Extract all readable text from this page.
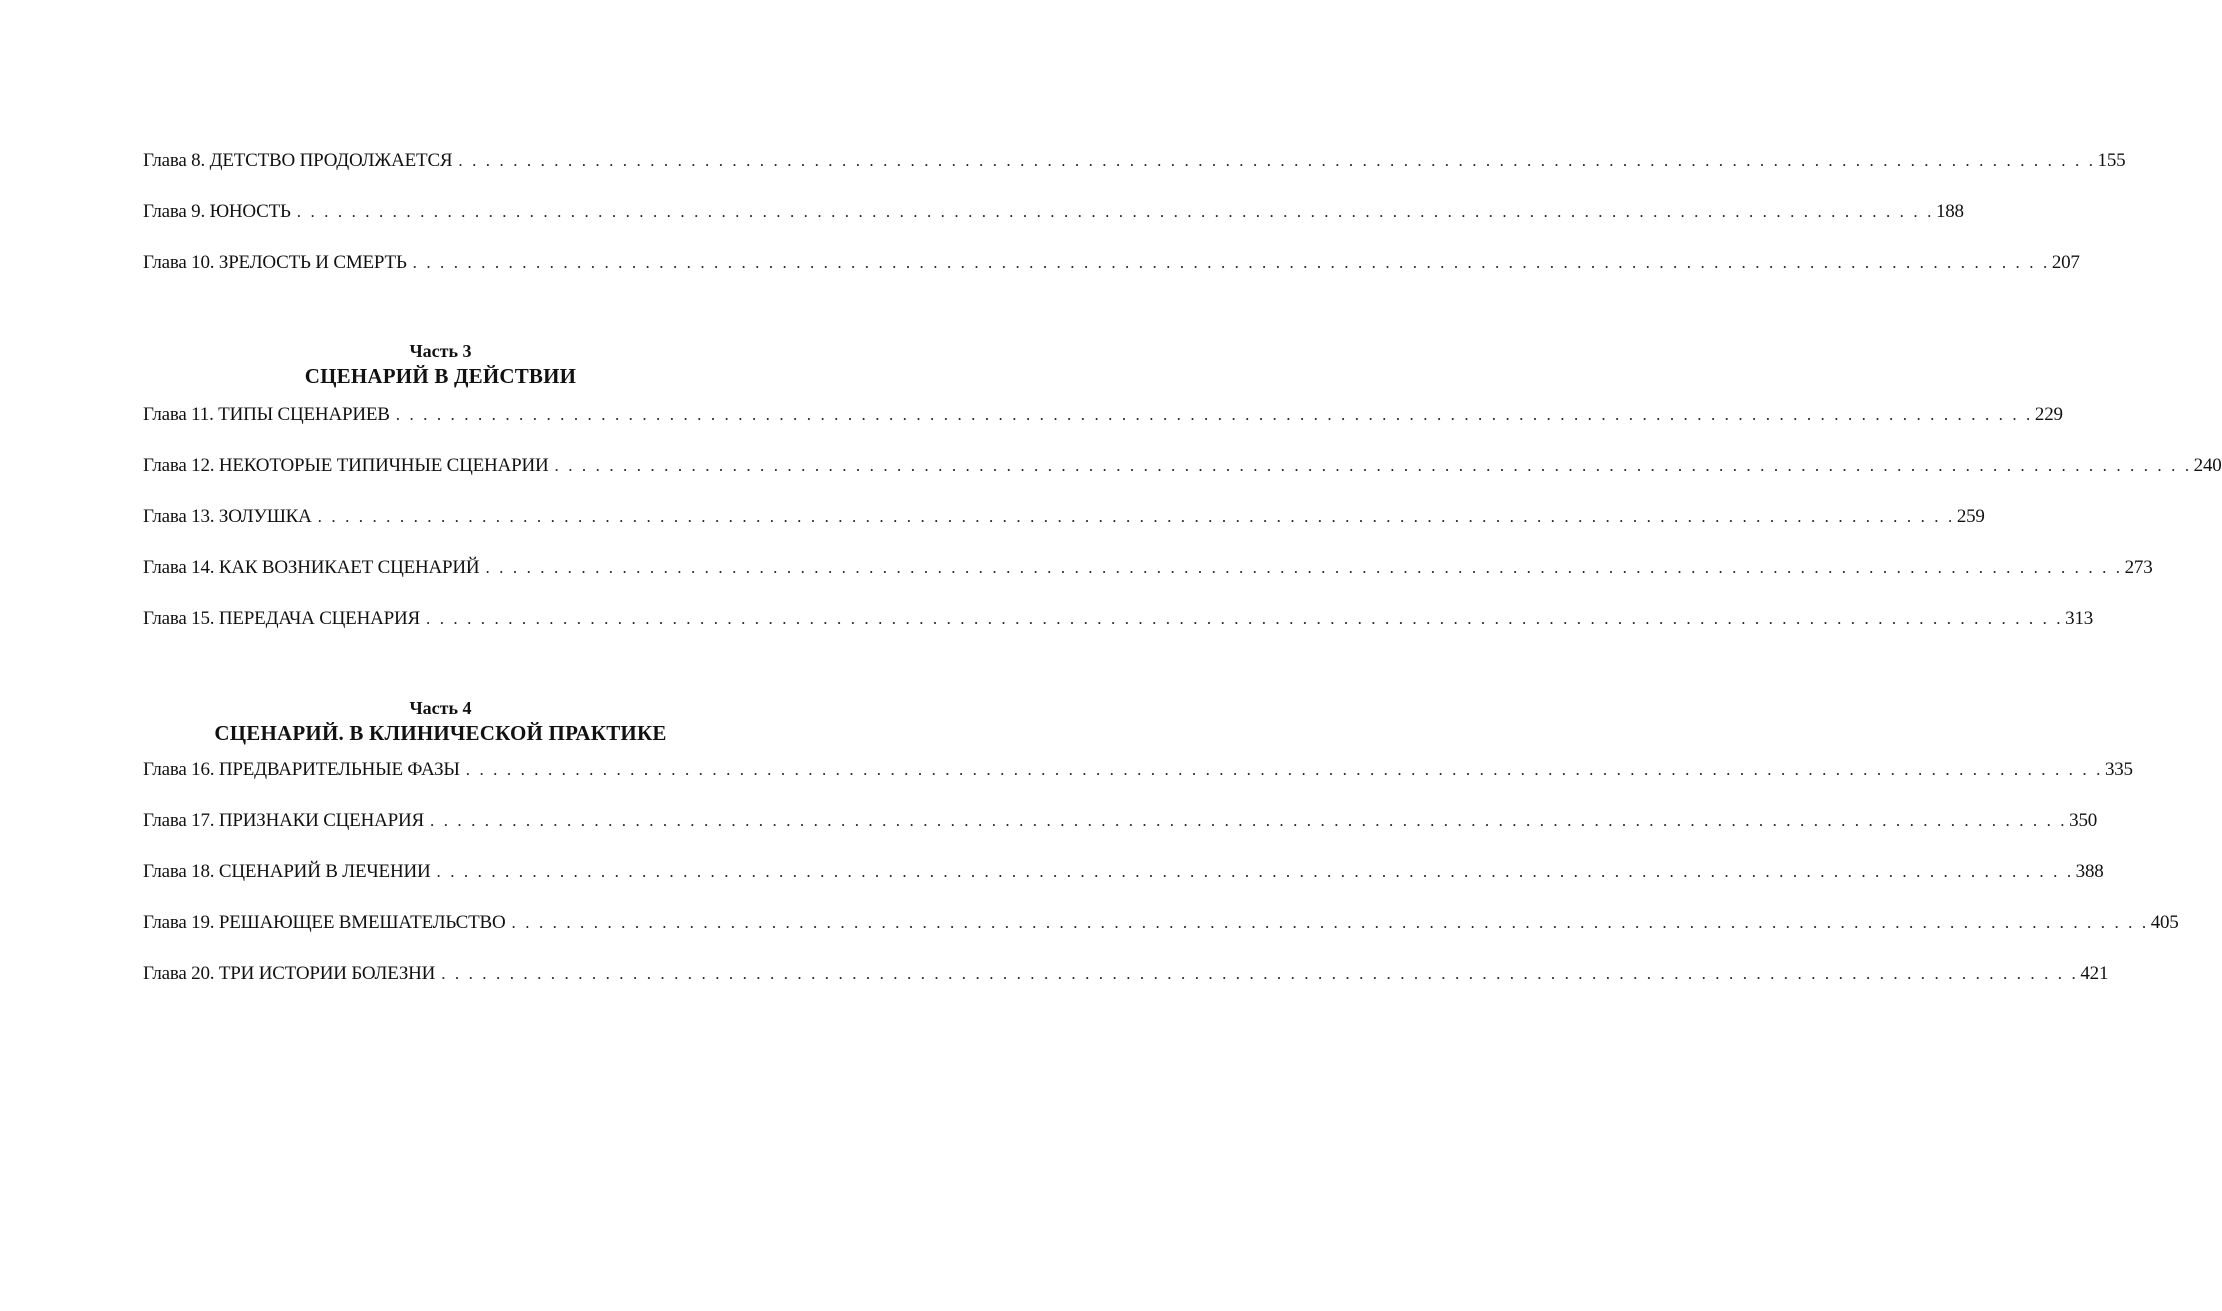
Глава 8. ДЕТСТВО ПРОДОЛЖАЕТСЯ . . . . . . . . . . . . . . . . . . . . . . . . . . . . . . . . . . . . . . . . . . . . . . . . . . . . . . . . . . . . . . . . . . . . . . . . . . . . . . . . . . . . . . . . . . . . . . . . . . . . . . . . . . . . . . . . . . . . . . . . 155
Глава 9. ЮНОСТЬ . . . . . . . . . . . . . . . . . . . . . . . . . . . . . . . . . . . . . . . . . . . . . . . . . . . . . . . . . . . . . . . . . . . . . . . . . . . . . . . . . . . . . . . . . . . . . . . . . . . . . . . . . . . . . . . . . . . . . . . . 188
Глава 10. ЗРЕЛОСТЬ И СМЕРТЬ . . . . . . . . . . . . . . . . . . . . . . . . . . . . . . . . . . . . . . . . . . . . . . . . . . . . . . . . . . . . . . . . . . . . . . . . . . . . . . . . . . . . . . . . . . . . . . . . . . . . . . . . . . . . . . . . . . . . . . . . 207
Часть 3
СЦЕНАРИЙ В ДЕЙСТВИИ
Глава 11. ТИПЫ СЦЕНАРИЕВ . . . . . . . . . . . . . . . . . . . . . . . . . . . . . . . . . . . . . . . . . . . . . . . . . . . . . . . . . . . . . . . . . . . . . . . . . . . . . . . . . . . . . . . . . . . . . . . . . . . . . . . . . . . . . . . . . . . . . . . . 229
Глава 12. НЕКОТОРЫЕ ТИПИЧНЫЕ СЦЕНАРИИ . . . . . . . . . . . . . . . . . . . . . . . . . . . . . . . . . . . . . . . . . . . . . . . . . . . . . . . . . . . . . . . . . . . . . . . . . . . . . . . . . . . . . . . . . . . . . . . . . . . . . . . . . . . . . . . . . . . . . . . . 240
Глава 13. ЗОЛУШКА . . . . . . . . . . . . . . . . . . . . . . . . . . . . . . . . . . . . . . . . . . . . . . . . . . . . . . . . . . . . . . . . . . . . . . . . . . . . . . . . . . . . . . . . . . . . . . . . . . . . . . . . . . . . . . . . . . . . . . . . 259
Глава 14. КАК ВОЗНИКАЕТ СЦЕНАРИЙ . . . . . . . . . . . . . . . . . . . . . . . . . . . . . . . . . . . . . . . . . . . . . . . . . . . . . . . . . . . . . . . . . . . . . . . . . . . . . . . . . . . . . . . . . . . . . . . . . . . . . . . . . . . . . . . . . . . . . . . . 273
Глава 15. ПЕРЕДАЧА СЦЕНАРИЯ . . . . . . . . . . . . . . . . . . . . . . . . . . . . . . . . . . . . . . . . . . . . . . . . . . . . . . . . . . . . . . . . . . . . . . . . . . . . . . . . . . . . . . . . . . . . . . . . . . . . . . . . . . . . . . . . . . . . . . . . 313
Часть 4
СЦЕНАРИЙ. В КЛИНИЧЕСКОЙ ПРАКТИКЕ
Глава 16. ПРЕДВАРИТЕЛЬНЫЕ ФАЗЫ . . . . . . . . . . . . . . . . . . . . . . . . . . . . . . . . . . . . . . . . . . . . . . . . . . . . . . . . . . . . . . . . . . . . . . . . . . . . . . . . . . . . . . . . . . . . . . . . . . . . . . . . . . . . . . . . . . . . . . . . 335
Глава 17. ПРИЗНАКИ СЦЕНАРИЯ . . . . . . . . . . . . . . . . . . . . . . . . . . . . . . . . . . . . . . . . . . . . . . . . . . . . . . . . . . . . . . . . . . . . . . . . . . . . . . . . . . . . . . . . . . . . . . . . . . . . . . . . . . . . . . . . . . . . . . . . 350
Глава 18. СЦЕНАРИЙ В ЛЕЧЕНИИ . . . . . . . . . . . . . . . . . . . . . . . . . . . . . . . . . . . . . . . . . . . . . . . . . . . . . . . . . . . . . . . . . . . . . . . . . . . . . . . . . . . . . . . . . . . . . . . . . . . . . . . . . . . . . . . . . . . . . . . . 388
Глава 19. РЕШАЮЩЕЕ ВМЕШАТЕЛЬСТВО . . . . . . . . . . . . . . . . . . . . . . . . . . . . . . . . . . . . . . . . . . . . . . . . . . . . . . . . . . . . . . . . . . . . . . . . . . . . . . . . . . . . . . . . . . . . . . . . . . . . . . . . . . . . . . . . . . . . . . . . 405
Глава 20. ТРИ ИСТОРИИ БОЛЕЗНИ . . . . . . . . . . . . . . . . . . . . . . . . . . . . . . . . . . . . . . . . . . . . . . . . . . . . . . . . . . . . . . . . . . . . . . . . . . . . . . . . . . . . . . . . . . . . . . . . . . . . . . . . . . . . . . . . . . . . . . . . 421
